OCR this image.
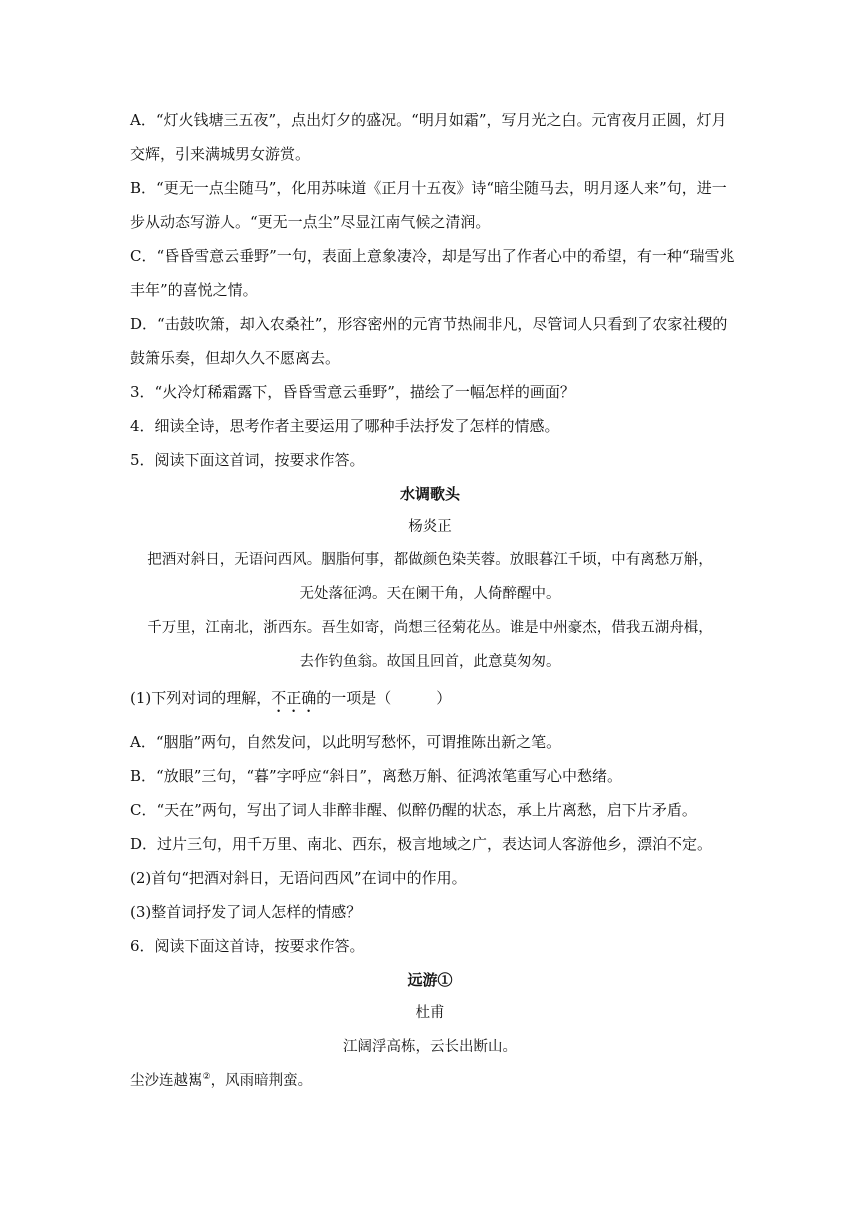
A．“灯火钱塘三五夜”，点出灯夕的盛况。“明月如霜”，写月光之白。元宵夜月正圆，灯月
交辉，引来满城男女游赏。
B．“更无一点尘随马”，化用苏味道《正月十五夜》诗“暗尘随马去，明月逐人来”句，进一
步从动态写游人。“更无一点尘”尽显江南气候之清润。
C．“昏昏雪意云垂野”一句，表面上意象凄冷，却是写出了作者心中的希望，有一种“瑞雪兆
丰年”的喜悦之情。
D．“击鼓吹箫，却入农桑社”，形容密州的元宵节热闹非凡，尽管词人只看到了农家社稷的
鼓箫乐奏，但却久久不愿离去。
3．“火冷灯稀霜露下，昏昏雪意云垂野”，描绘了一幅怎样的画面？
4．细读全诗，思考作者主要运用了哪种手法抒发了怎样的情感。
5．阅读下面这首词，按要求作答。
水调歌头
杨炎正
把酒对斜日，无语问西风。胭脂何事，都做颜色染芙蓉。放眼暮江千顷，中有离愁万斛，
无处落征鸿。天在阑干角，人倚醉醒中。
千万里，江南北，浙西东。吾生如寄，尚想三径菊花丛。谁是中州豪杰，借我五湖舟楫，
去作钓鱼翁。故国且回首，此意莫匆匆。
(1)下列对词的理解，不正确的一项是（　　　）
A．“胭脂”两句，自然发问，以此明写愁怀，可谓推陈出新之笔。
B．“放眼”三句，“暮”字呼应“斜日”，离愁万斛、征鸿浓笔重写心中愁绪。
C．“天在”两句，写出了词人非醉非醒、似醉仍醒的状态，承上片离愁，启下片矛盾。
D．过片三句，用千万里、南北、西东，极言地域之广，表达词人客游他乡，漂泊不定。
(2)首句“把酒对斜日，无语问西风”在词中的作用。
(3)整首词抒发了词人怎样的情感？
6．阅读下面这首诗，按要求作答。
远游①
杜甫
江阔浮高栋，云长出断山。
尘沙连越嶲②，风雨暗荆蛮。
